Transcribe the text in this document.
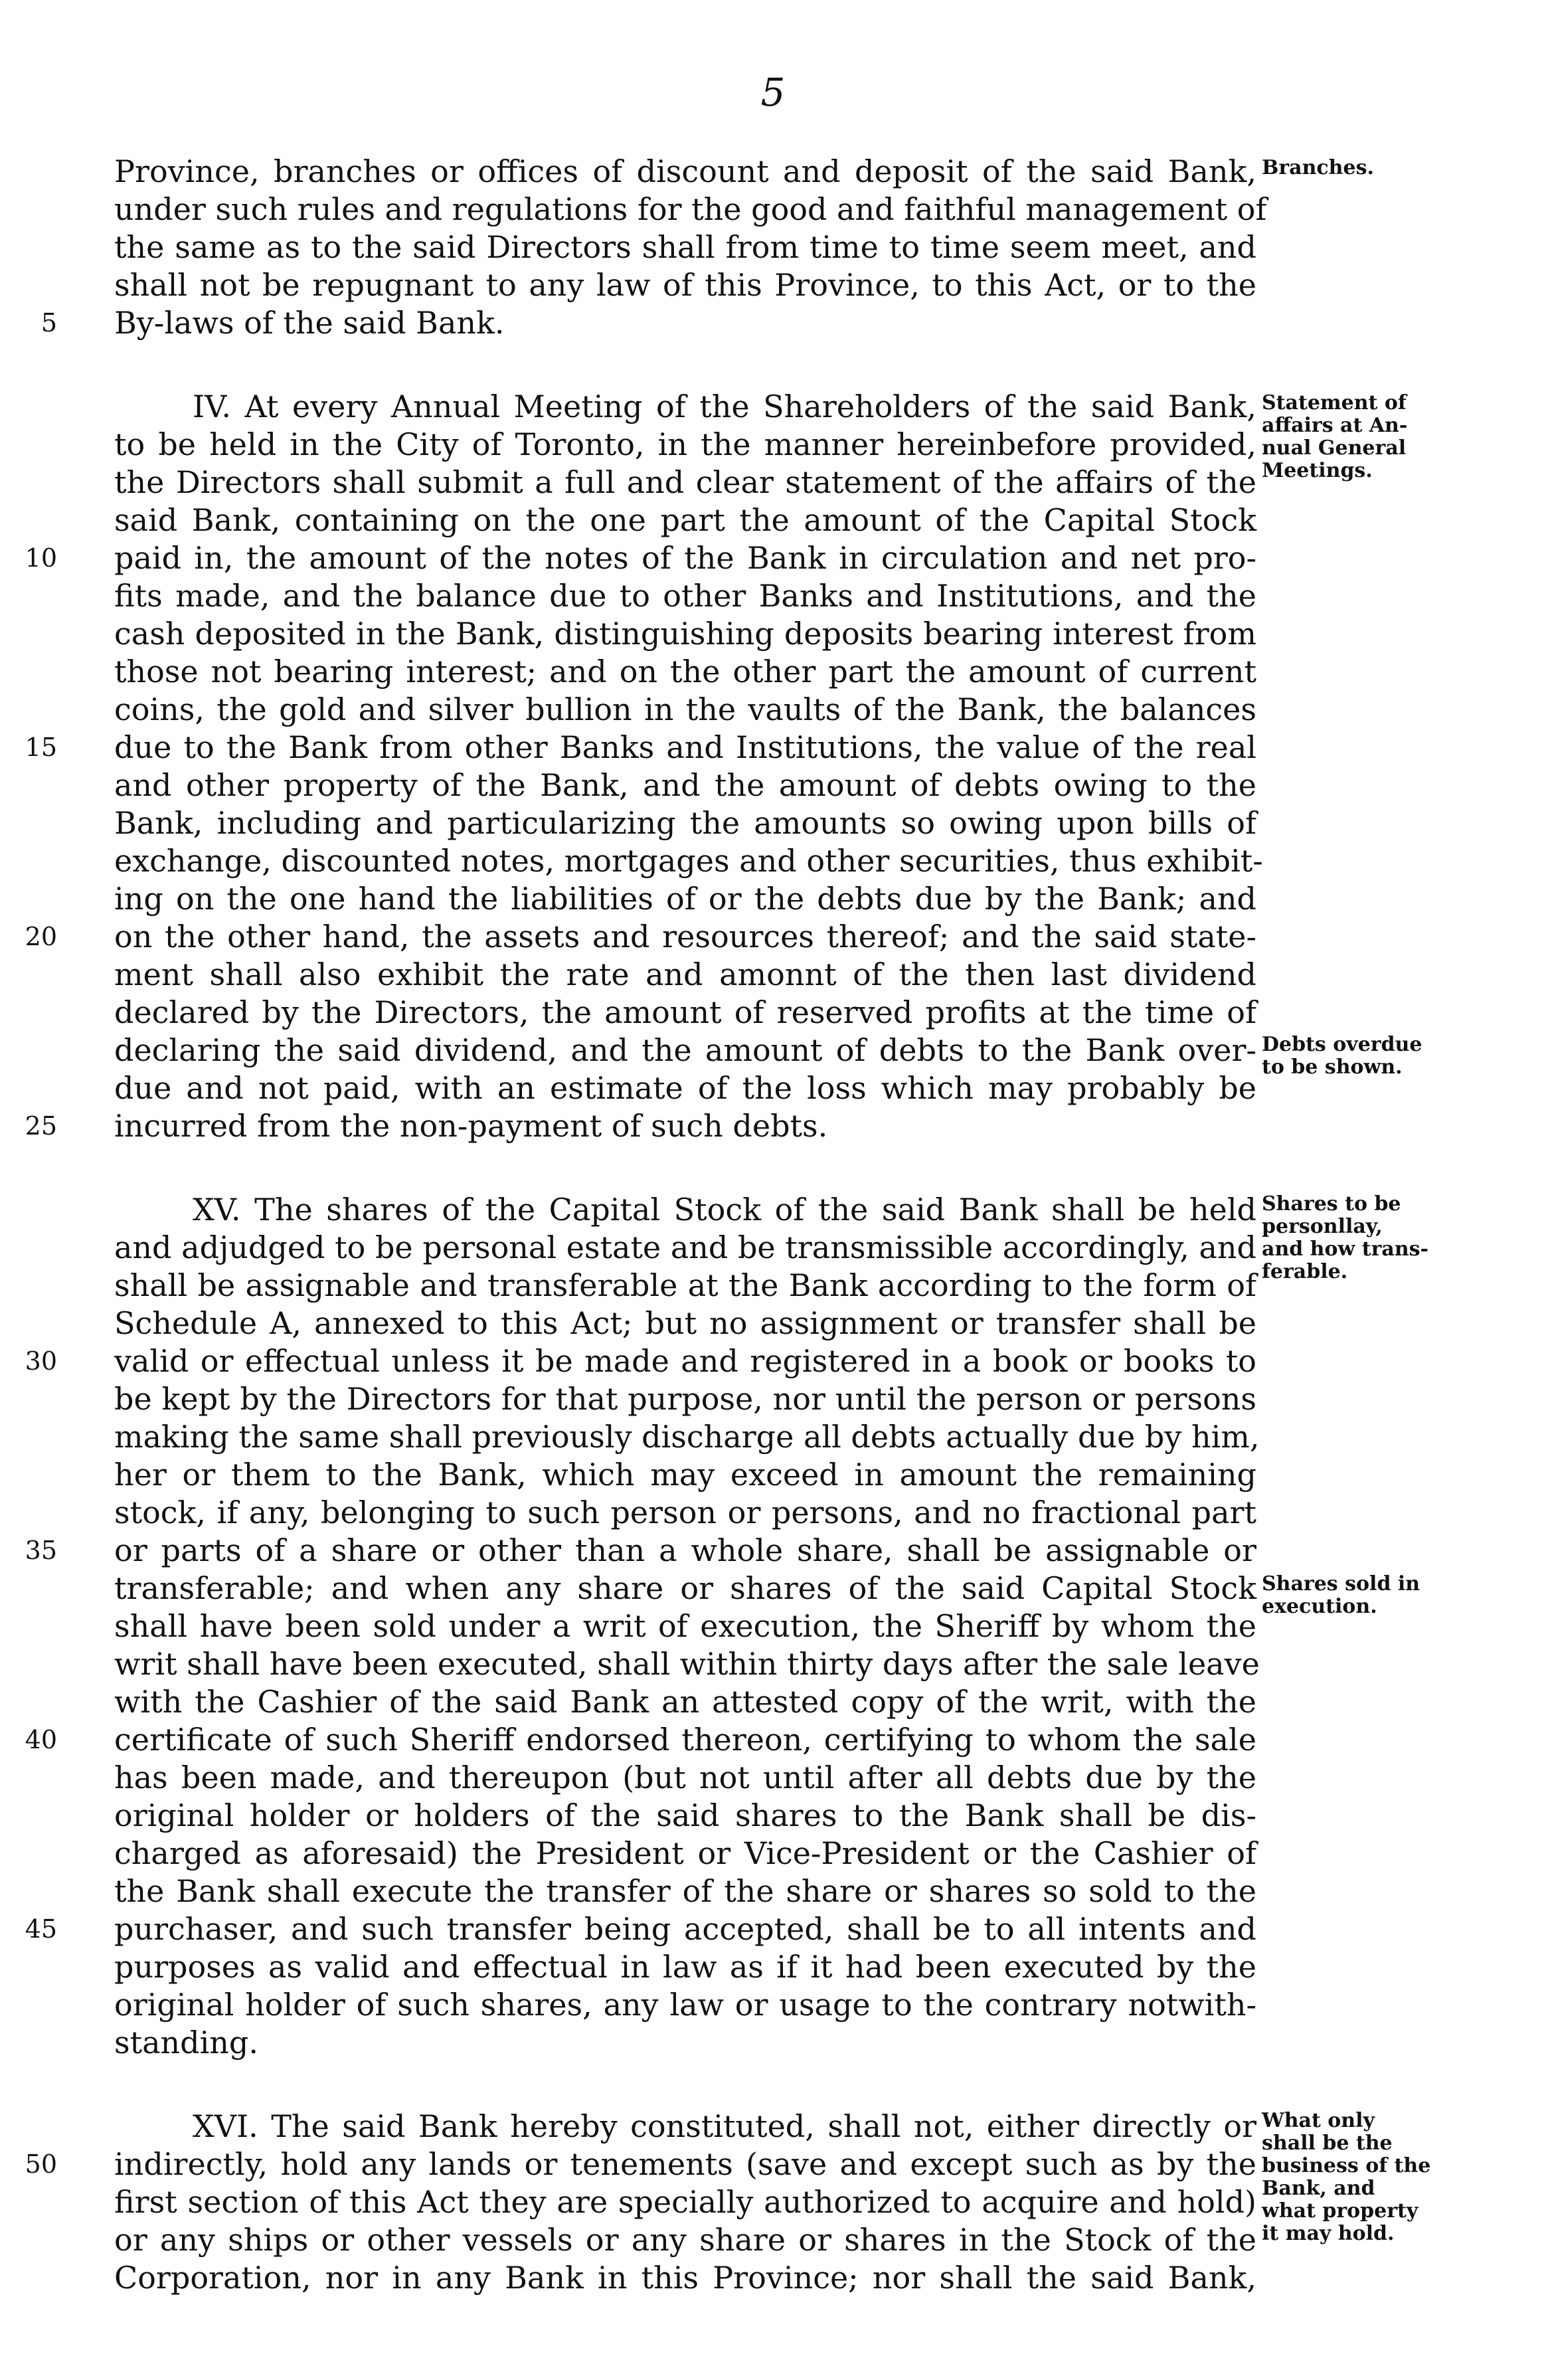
5
Province, branches or offices of discount and deposit of the said Bank,
under such rules and regulations for the good and faithful management of
the same as to the said Directors shall from time to time seem meet, and
shall not be repugnant to any law of this Province, to this Act, or to the
By-laws of the said Bank.
5
IV. At every Annual Meeting of the Shareholders of the said Bank,
to be held in the City of Toronto, in the manner hereinbefore provided,
the Directors shall submit a full and clear statement of the affairs of the
said Bank, containing on the one part the amount of the Capital Stock
paid in, the amount of the notes of the Bank in circulation and net pro-
10
fits made, and the balance due to other Banks and Institutions, and the
cash deposited in the Bank, distinguishing deposits bearing interest from
those not bearing interest; and on the other part the amount of current
coins, the gold and silver bullion in the vaults of the Bank, the balances
due to the Bank from other Banks and Institutions, the value of the real
15
and other property of the Bank, and the amount of debts owing to the
Bank, including and particularizing the amounts so owing upon bills of
exchange, discounted notes, mortgages and other securities, thus exhibit-
ing on the one hand the liabilities of or the debts due by the Bank; and
on the other hand, the assets and resources thereof; and the said state-
20
ment shall also exhibit the rate and amonnt of the then last dividend
declared by the Directors, the amount of reserved profits at the time of
declaring the said dividend, and the amount of debts to the Bank over-
due and not paid, with an estimate of the loss which may probably be
incurred from the non-payment of such debts.
25
XV. The shares of the Capital Stock of the said Bank shall be held
and adjudged to be personal estate and be transmissible accordingly, and
shall be assignable and transferable at the Bank according to the form of
Schedule A, annexed to this Act; but no assignment or transfer shall be
valid or effectual unless it be made and registered in a book or books to
30
be kept by the Directors for that purpose, nor until the person or persons
making the same shall previously discharge all debts actually due by him,
her or them to the Bank, which may exceed in amount the remaining
stock, if any, belonging to such person or persons, and no fractional part
or parts of a share or other than a whole share, shall be assignable or
35
transferable; and when any share or shares of the said Capital Stock
shall have been sold under a writ of execution, the Sheriff by whom the
writ shall have been executed, shall within thirty days after the sale leave
with the Cashier of the said Bank an attested copy of the writ, with the
certificate of such Sheriff endorsed thereon, certifying to whom the sale
40
has been made, and thereupon (but not until after all debts due by the
original holder or holders of the said shares to the Bank shall be dis-
charged as aforesaid) the President or Vice-President or the Cashier of
the Bank shall execute the transfer of the share or shares so sold to the
purchaser, and such transfer being accepted, shall be to all intents and
45
purposes as valid and effectual in law as if it had been executed by the
original holder of such shares, any law or usage to the contrary notwith-
standing.
XVI. The said Bank hereby constituted, shall not, either directly or
indirectly, hold any lands or tenements (save and except such as by the
50
first section of this Act they are specially authorized to acquire and hold)
or any ships or other vessels or any share or shares in the Stock of the
Corporation, nor in any Bank in this Province; nor shall the said Bank,
Branches.
Statement of
affairs at An-
nual General
Meetings.
Debts overdue
to be shown.
Shares to be
personllay,
and how trans-
ferable.
Shares sold in
execution.
What only
shall be the
business of the
Bank, and
what property
it may hold.
